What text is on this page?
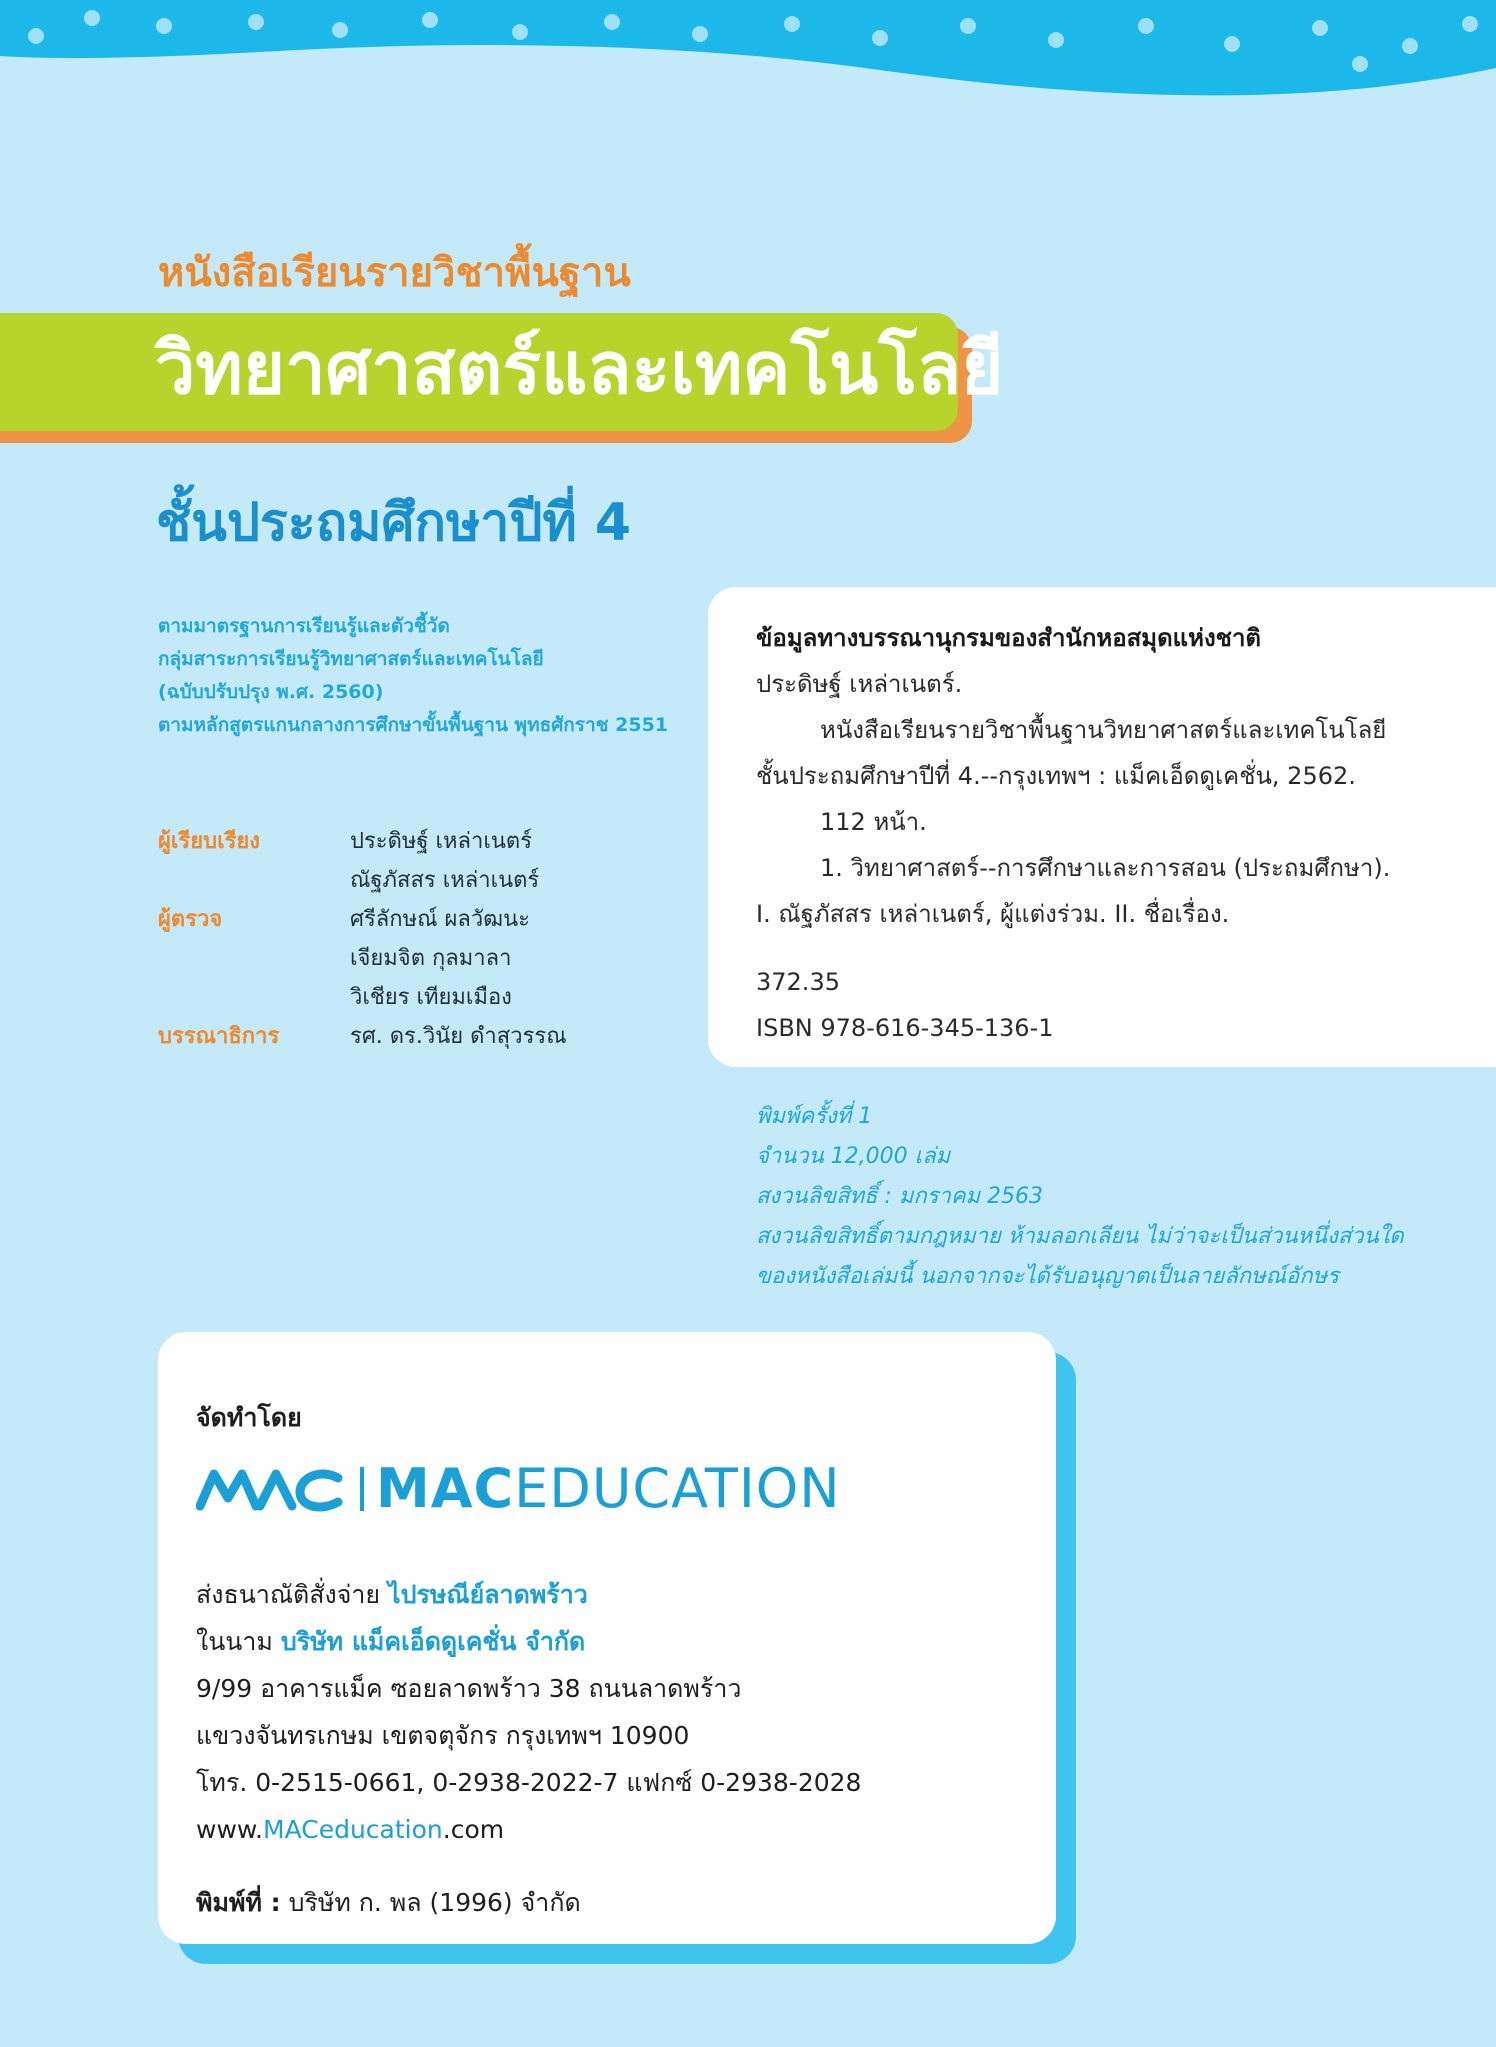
หนังสือเรียนรายวิชาพื้นฐาน
วิทยาศาสตร์และเทคโนโลยี
ชั้นประถมศึกษาปีที่ 4
ตามมาตรฐานการเรียนรู้และตัวชี้วัด
กลุ่มสาระการเรียนรู้วิทยาศาสตร์และเทคโนโลยี
(ฉบับปรับปรุง พ.ศ. 2560)
ตามหลักสูตรแกนกลางการศึกษาขั้นพื้นฐาน พุทธศักราช 2551
ผู้เรียบเรียง	ประดิษฐ์ เหล่าเนตร์
ณัฐภัสสร เหล่าเนตร์
ผู้ตรวจ	ศรีลักษณ์ ผลวัฒนะ
เจียมจิต กุลมาลา
วิเชียร เทียมเมือง
บรรณาธิการ	รศ. ดร.วินัย ดำสุวรรณ
ข้อมูลทางบรรณานุกรมของสำนักหอสมุดแห่งชาติ
ประดิษฐ์ เหล่าเนตร์.
หนังสือเรียนรายวิชาพื้นฐานวิทยาศาสตร์และเทคโนโลยี
ชั้นประถมศึกษาปีที่ 4.--กรุงเทพฯ : แม็คเอ็ดดูเคชั่น, 2562.
112 หน้า.
1. วิทยาศาสตร์--การศึกษาและการสอน (ประถมศึกษา).
I. ณัฐภัสสร เหล่าเนตร์, ผู้แต่งร่วม. II. ชื่อเรื่อง.
372.35
ISBN 978-616-345-136-1
พิมพ์ครั้งที่ 1
จำนวน 12,000 เล่ม
สงวนลิขสิทธิ์ : มกราคม 2563
สงวนลิขสิทธิ์ตามกฎหมาย ห้ามลอกเลียน ไม่ว่าจะเป็นส่วนหนึ่งส่วนใด
ของหนังสือเล่มนี้ นอกจากจะได้รับอนุญาตเป็นลายลักษณ์อักษร
จัดทำโดย
MACEDUCATION
ส่งธนาณัติสั่งจ่าย ไปรษณีย์ลาดพร้าว
ในนาม บริษัท แม็คเอ็ดดูเคชั่น จำกัด
9/99 อาคารแม็ค ซอยลาดพร้าว 38 ถนนลาดพร้าว
แขวงจันทรเกษม เขตจตุจักร กรุงเทพฯ 10900
โทร. 0-2515-0661, 0-2938-2022-7 แฟกซ์ 0-2938-2028
www.MACeducation.com
พิมพ์ที่ : บริษัท ก. พล (1996) จำกัด
